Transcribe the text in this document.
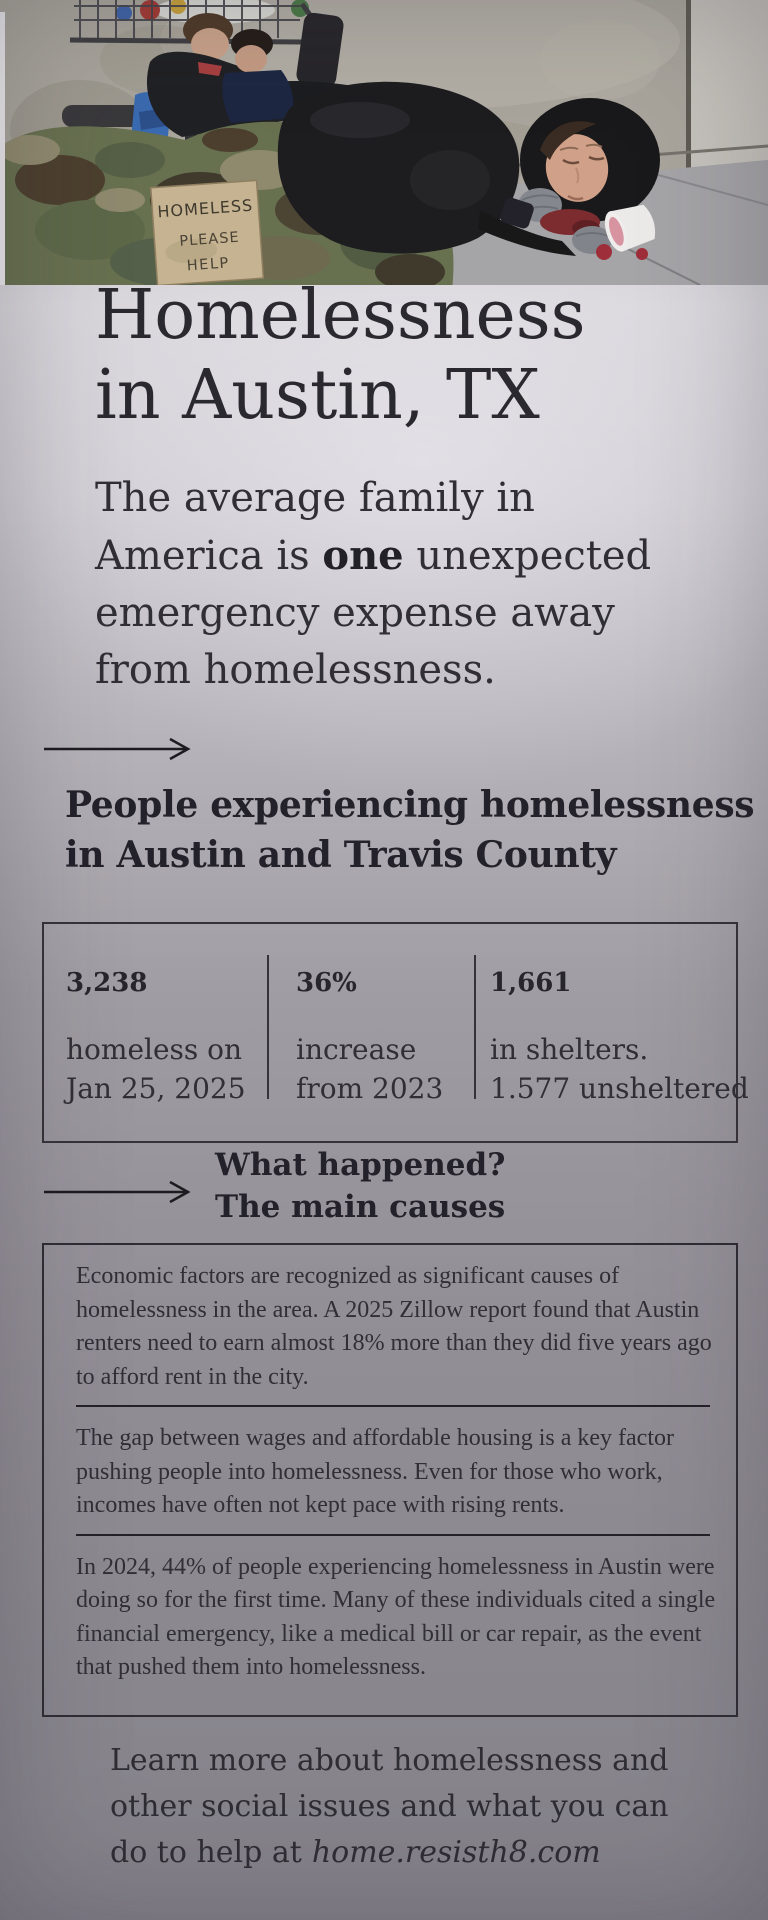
HOMELESS
PLEASE
HELP
Homelessness
in Austin, TX

The average family in
America is one unexpected
emergency expense away
from homelessness.

People experiencing homelessness
in Austin and Travis County
3,238
homeless on
Jan 25, 2025
36%
increase
from 2023
1,661
in shelters.
1.577 unsheltered
What happened?
The main causes

Economic factors are recognized as significant causes of homelessness in the area. A 2025 Zillow report found that Austin renters need to earn almost 18% more than they did five years ago to afford rent in the city.

The gap between wages and affordable housing is a key factor pushing people into homelessness. Even for those who work, incomes have often not kept pace with rising rents.

In 2024, 44% of people experiencing homelessness in Austin were doing so for the first time. Many of these individuals cited a single financial emergency, like a medical bill or car repair, as the event that pushed them into homelessness.

Learn more about homelessness and
other social issues and what you can
do to help at home.resisth8.com
